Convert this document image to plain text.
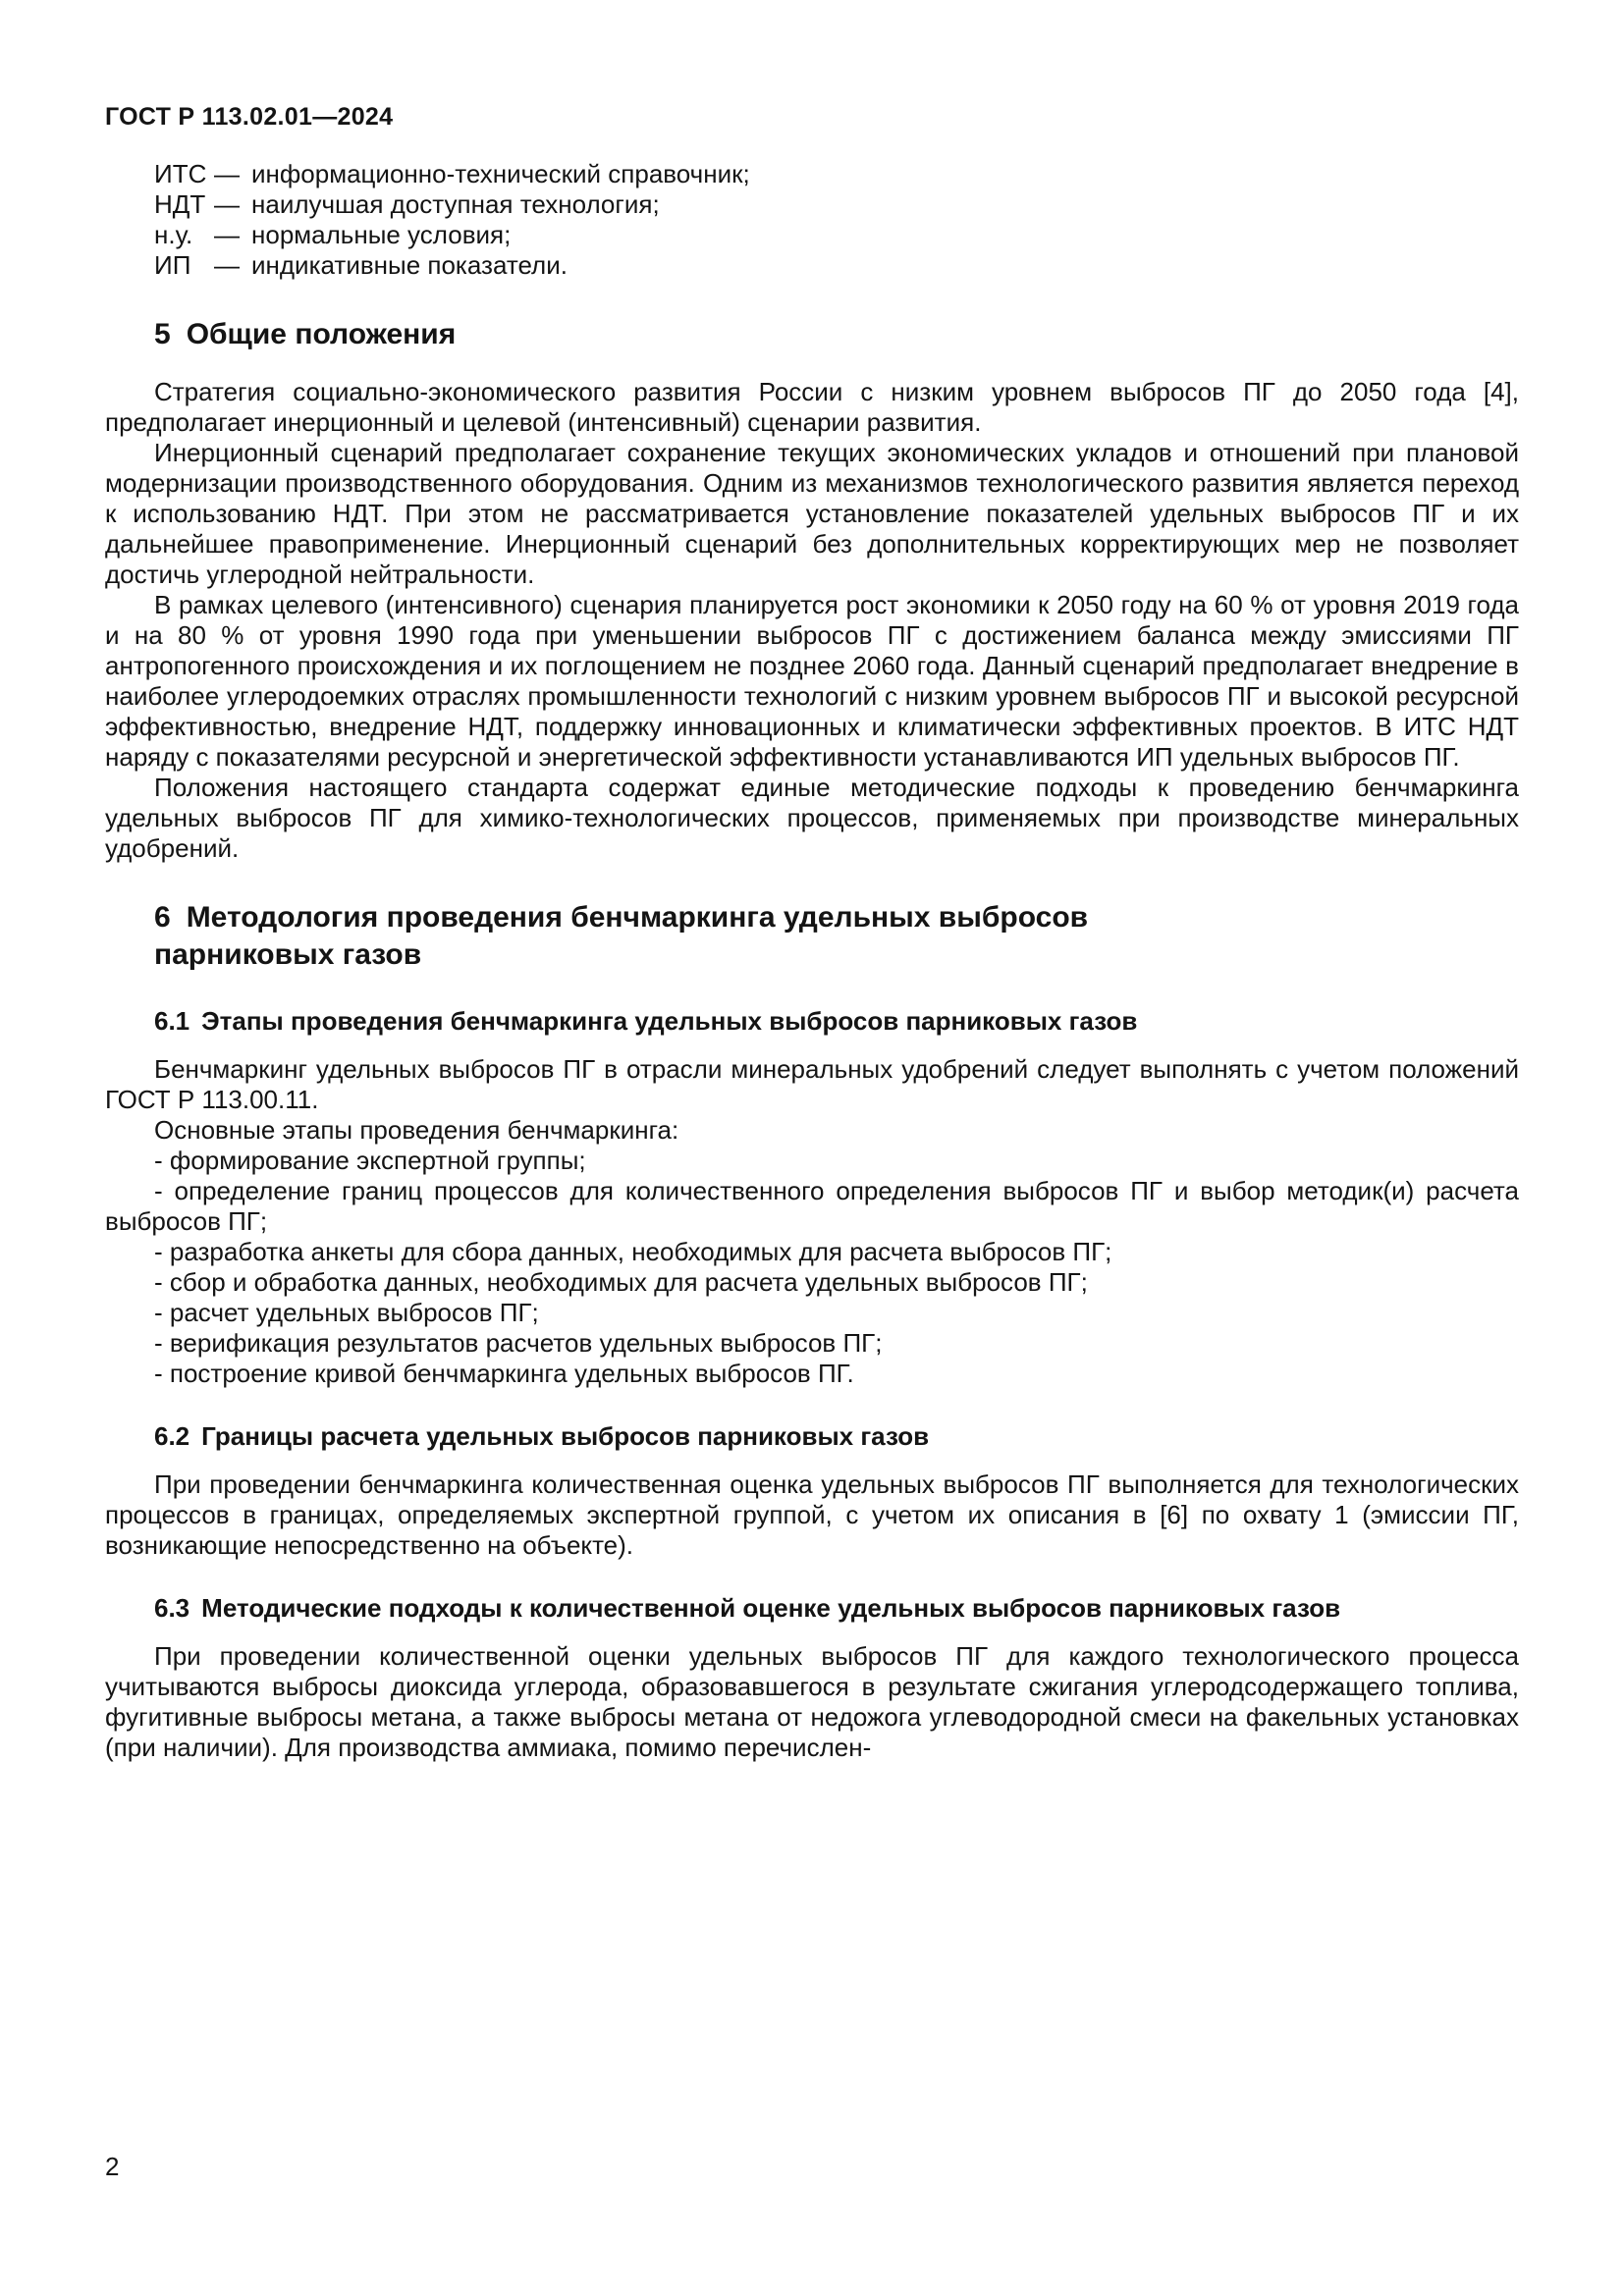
ГОСТ Р 113.02.01—2024
ИТС — информационно-технический справочник;
НДТ — наилучшая доступная технология;
н.у. — нормальные условия;
ИП — индикативные показатели.
5 Общие положения

Стратегия социально-экономического развития России с низким уровнем выбросов ПГ до 2050 года [4], предполагает инерционный и целевой (интенсивный) сценарии развития.

Инерционный сценарий предполагает сохранение текущих экономических укладов и отношений при плановой модернизации производственного оборудования. Одним из механизмов технологического развития является переход к использованию НДТ. При этом не рассматривается установление показателей удельных выбросов ПГ и их дальнейшее правоприменение. Инерционный сценарий без дополнительных корректирующих мер не позволяет достичь углеродной нейтральности.

В рамках целевого (интенсивного) сценария планируется рост экономики к 2050 году на 60 % от уровня 2019 года и на 80 % от уровня 1990 года при уменьшении выбросов ПГ с достижением баланса между эмиссиями ПГ антропогенного происхождения и их поглощением не позднее 2060 года. Данный сценарий предполагает внедрение в наиболее углеродоемких отраслях промышленности технологий с низким уровнем выбросов ПГ и высокой ресурсной эффективностью, внедрение НДТ, поддержку инновационных и климатически эффективных проектов. В ИТС НДТ наряду с показателями ресурсной и энергетической эффективности устанавливаются ИП удельных выбросов ПГ.

Положения настоящего стандарта содержат единые методические подходы к проведению бенчмаркинга удельных выбросов ПГ для химико-технологических процессов, применяемых при производстве минеральных удобрений.

6 Методология проведения бенчмаркинга удельных выбросов парниковых газов
6.1 Этапы проведения бенчмаркинга удельных выбросов парниковых газов

Бенчмаркинг удельных выбросов ПГ в отрасли минеральных удобрений следует выполнять с учетом положений ГОСТ Р 113.00.11.

Основные этапы проведения бенчмаркинга:

- формирование экспертной группы;

- определение границ процессов для количественного определения выбросов ПГ и выбор методик(и) расчета выбросов ПГ;

- разработка анкеты для сбора данных, необходимых для расчета выбросов ПГ;

- сбор и обработка данных, необходимых для расчета удельных выбросов ПГ;

- расчет удельных выбросов ПГ;

- верификация результатов расчетов удельных выбросов ПГ;

- построение кривой бенчмаркинга удельных выбросов ПГ.

6.2 Границы расчета удельных выбросов парниковых газов

При проведении бенчмаркинга количественная оценка удельных выбросов ПГ выполняется для технологических процессов в границах, определяемых экспертной группой, с учетом их описания в [6] по охвату 1 (эмиссии ПГ, возникающие непосредственно на объекте).

6.3 Методические подходы к количественной оценке удельных выбросов парниковых газов

При проведении количественной оценки удельных выбросов ПГ для каждого технологического процесса учитываются выбросы диоксида углерода, образовавшегося в результате сжигания углеродсодержащего топлива, фугитивные выбросы метана, а также выбросы метана от недожога углеводородной смеси на факельных установках (при наличии). Для производства аммиака, помимо перечислен-

2
